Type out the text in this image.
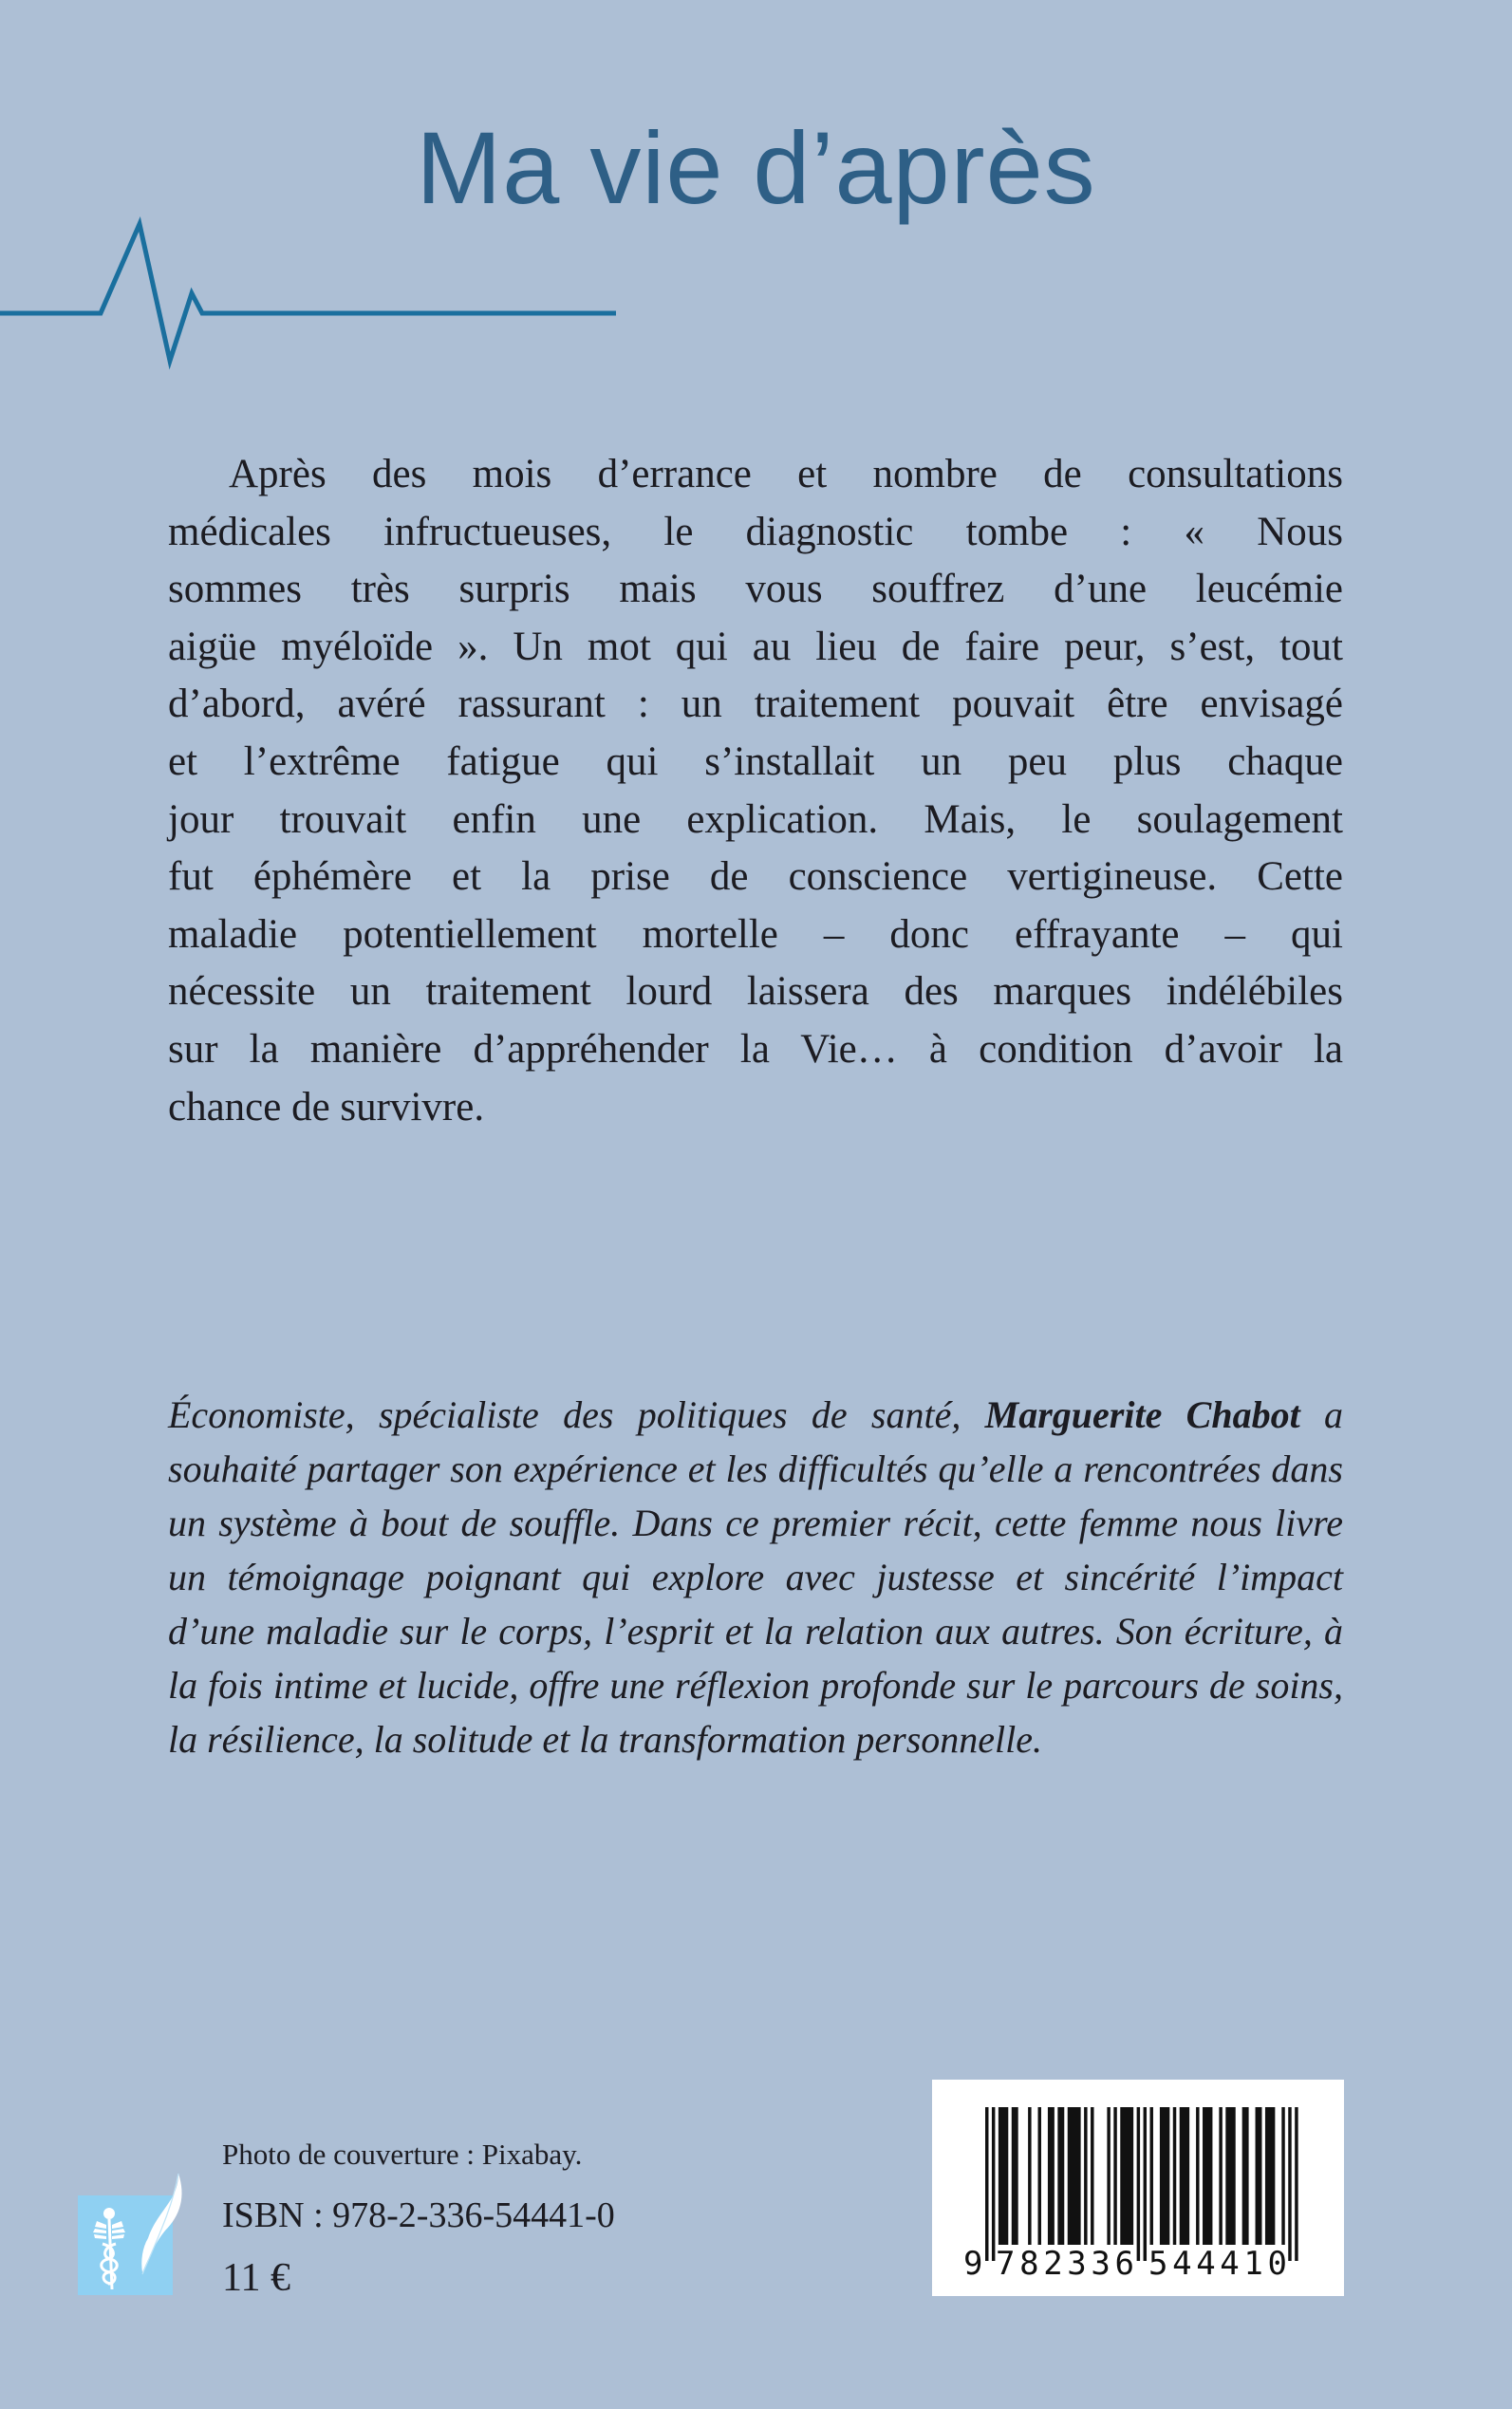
Ma vie d’après
Après des mois d’errance et nombre de consultations
médicales infructueuses, le diagnostic tombe : « Nous
sommes très surpris mais vous souffrez d’une leucémie
aigüe myéloïde ». Un mot qui au lieu de faire peur, s’est, tout
d’abord, avéré rassurant : un traitement pouvait être envisagé
et l’extrême fatigue qui s’installait un peu plus chaque
jour trouvait enfin une explication. Mais, le soulagement
fut éphémère et la prise de conscience vertigineuse. Cette
maladie potentiellement mortelle – donc effrayante – qui
nécessite un traitement lourd laissera des marques indélébiles
sur la manière d’appréhender la Vie… à condition d’avoir la
chance de survivre.
Économiste, spécialiste des politiques de santé, Marguerite Chabot a
souhaité partager son expérience et les difficultés qu’elle a rencontrées dans
un système à bout de souffle. Dans ce premier récit, cette femme nous livre
un témoignage poignant qui explore avec justesse et sincérité l’impact
d’une maladie sur le corps, l’esprit et la relation aux autres. Son écriture, à
la fois intime et lucide, offre une réflexion profonde sur le parcours de soins,
la résilience, la solitude et la transformation personnelle.
Photo de couverture : Pixabay.
ISBN : 978-2-336-54441-0
11 €	9 782336 544410
